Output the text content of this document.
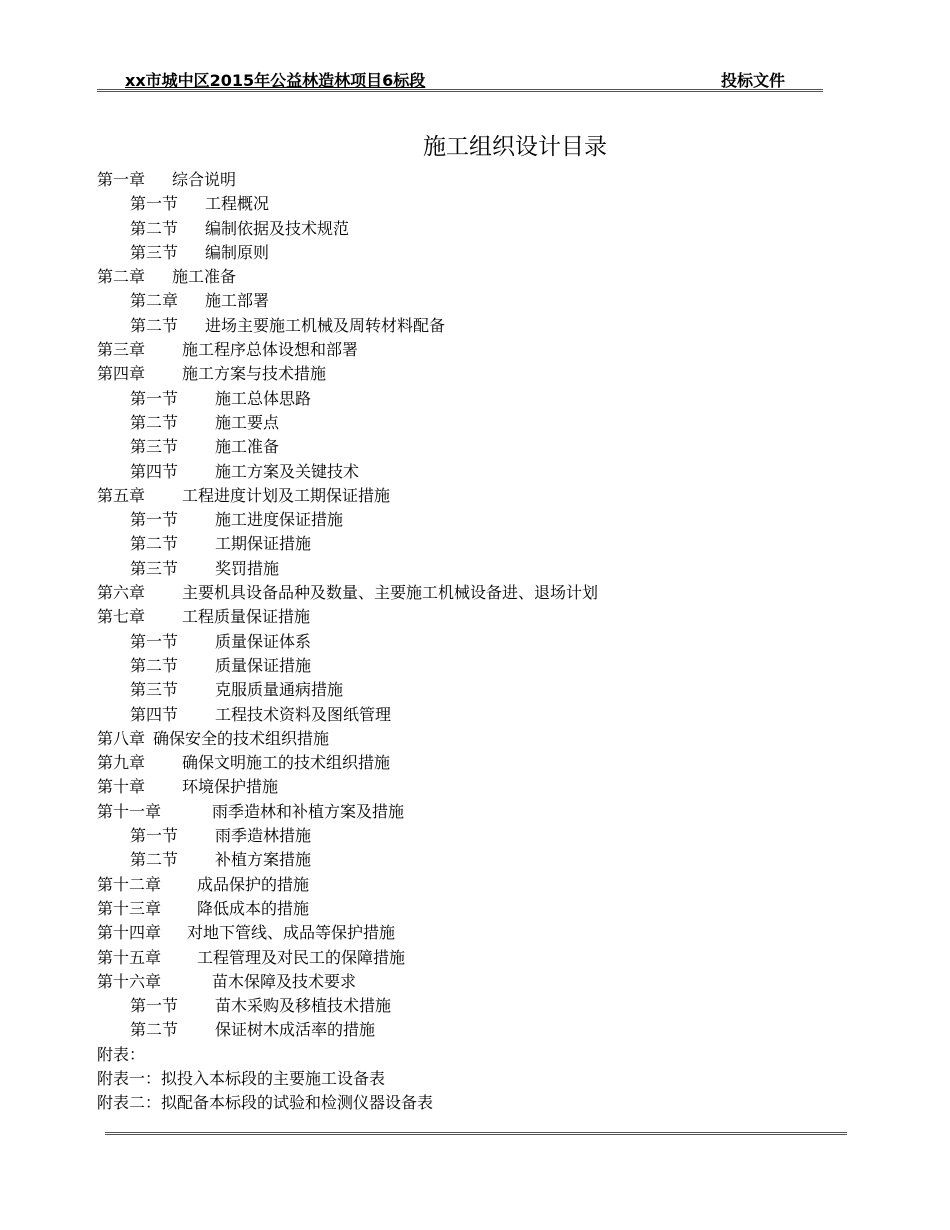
xx市城中区2015年公益林造林项目6标段	投标文件
施工组织设计目录
第一章 综合说明
第一节 工程概况
第二节 编制依据及技术规范
第三节 编制原则
第二章 施工准备
第二章 施工部署
第二节 进场主要施工机械及周转材料配备
第三章 施工程序总体设想和部署
第四章 施工方案与技术措施
第一节 施工总体思路
第二节 施工要点
第三节 施工准备
第四节 施工方案及关键技术
第五章 工程进度计划及工期保证措施
第一节 施工进度保证措施
第二节 工期保证措施
第三节 奖罚措施
第六章 主要机具设备品种及数量、主要施工机械设备进、退场计划
第七章 工程质量保证措施
第一节 质量保证体系
第二节 质量保证措施
第三节 克服质量通病措施
第四节 工程技术资料及图纸管理
第八章  确保安全的技术组织措施
第九章 确保文明施工的技术组织措施
第十章 环境保护措施
第十一章	雨季造林和补植方案及措施
第一节 雨季造林措施
第二节 补植方案措施
第十二章 成品保护的措施
第十三章 降低成本的措施
第十四章 对地下管线、成品等保护措施
第十五章 工程管理及对民工的保障措施
第十六章	苗木保障及技术要求
第一节 苗木采购及移植技术措施
第二节 保证树木成活率的措施
附表：
附表一：拟投入本标段的主要施工设备表
附表二：拟配备本标段的试验和检测仪器设备表
